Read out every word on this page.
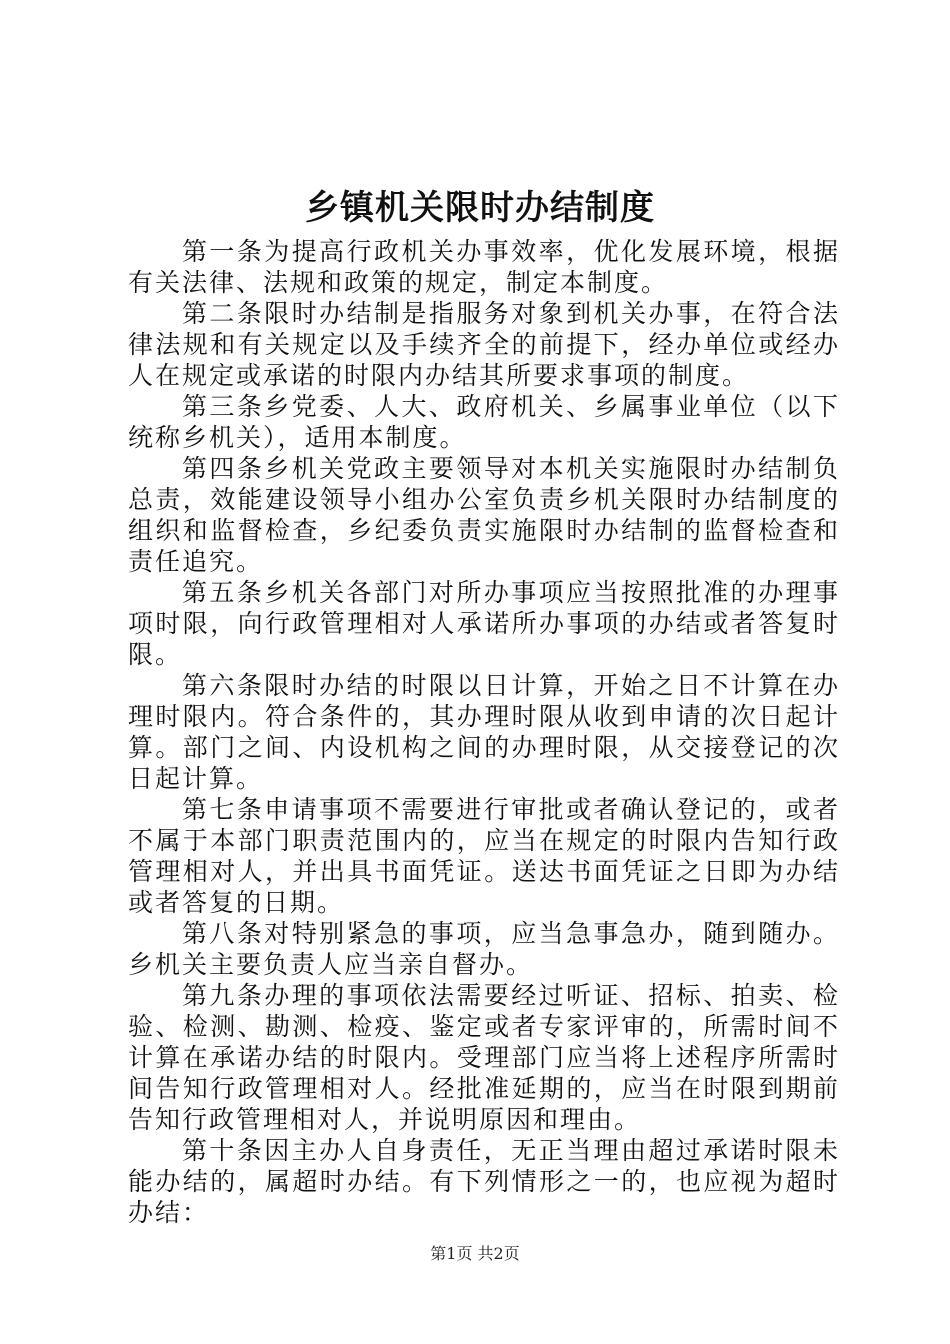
乡镇机关限时办结制度

第一条为提高行政机关办事效率，优化发展环境，根据有关法律、法规和政策的规定，制定本制度。

第二条限时办结制是指服务对象到机关办事，在符合法律法规和有关规定以及手续齐全的前提下，经办单位或经办人在规定或承诺的时限内办结其所要求事项的制度。

第三条乡党委、人大、政府机关、乡属事业单位（以下统称乡机关），适用本制度。

第四条乡机关党政主要领导对本机关实施限时办结制负总责，效能建设领导小组办公室负责乡机关限时办结制度的组织和监督检查，乡纪委负责实施限时办结制的监督检查和责任追究。

第五条乡机关各部门对所办事项应当按照批准的办理事项时限，向行政管理相对人承诺所办事项的办结或者答复时限。

第六条限时办结的时限以日计算，开始之日不计算在办理时限内。符合条件的，其办理时限从收到申请的次日起计算。部门之间、内设机构之间的办理时限，从交接登记的次日起计算。

第七条申请事项不需要进行审批或者确认登记的，或者不属于本部门职责范围内的，应当在规定的时限内告知行政管理相对人，并出具书面凭证。送达书面凭证之日即为办结或者答复的日期。

第八条对特别紧急的事项，应当急事急办，随到随办。乡机关主要负责人应当亲自督办。

第九条办理的事项依法需要经过听证、招标、拍卖、检验、检测、勘测、检疫、鉴定或者专家评审的，所需时间不计算在承诺办结的时限内。受理部门应当将上述程序所需时间告知行政管理相对人。经批准延期的，应当在时限到期前告知行政管理相对人，并说明原因和理由。

第十条因主办人自身责任，无正当理由超过承诺时限未能办结的，属超时办结。有下列情形之一的，也应视为超时办结：

第1页 共2页
